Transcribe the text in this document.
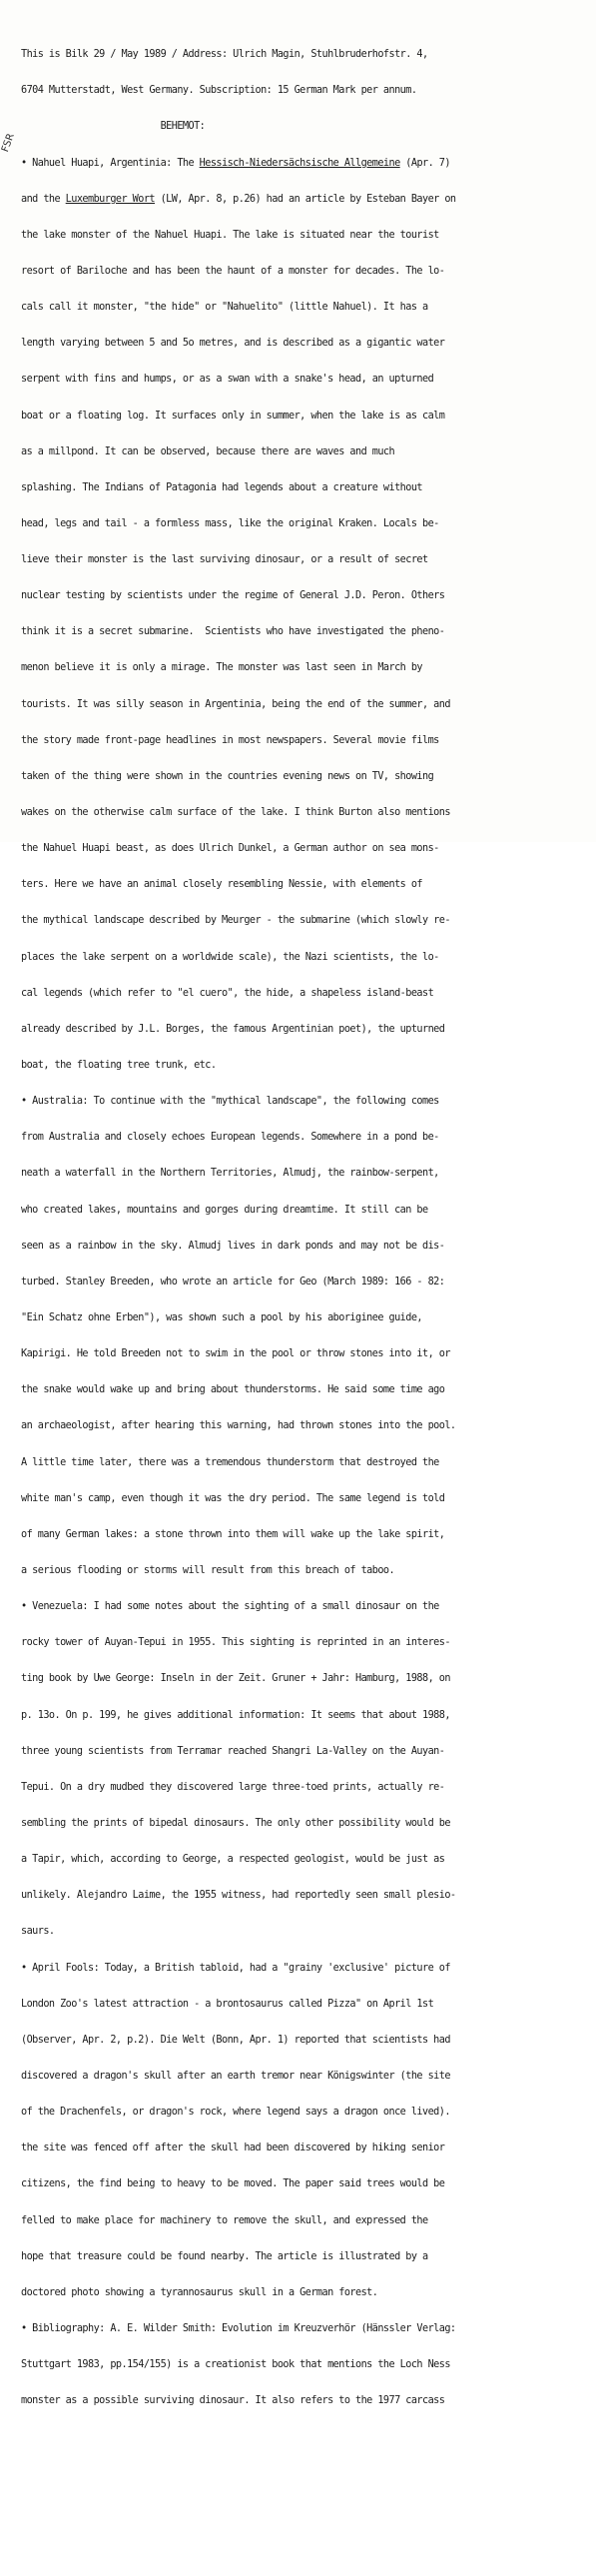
FSR

This is Bilk 29 / May 1989 / Address: Ulrich Magin, Stuhlbruderhofstr. 4,

6704 Mutterstadt, West Germany. Subscription: 15 German Mark per annum.

BEHEMOT:

• Nahuel Huapi, Argentinia: The Hessisch-Niedersächsische Allgemeine (Apr. 7)

and the Luxemburger Wort (LW, Apr. 8, p.26) had an article by Esteban Bayer on

the lake monster of the Nahuel Huapi. The lake is situated near the tourist

resort of Bariloche and has been the haunt of a monster for decades. The lo-

cals call it monster, "the hide" or "Nahuelito" (little Nahuel). It has a

length varying between 5 and 5o metres, and is described as a gigantic water

serpent with fins and humps, or as a swan with a snake's head, an upturned

boat or a floating log. It surfaces only in summer, when the lake is as calm

as a millpond. It can be observed, because there are waves and much

splashing. The Indians of Patagonia had legends about a creature without

head, legs and tail - a formless mass, like the original Kraken. Locals be-

lieve their monster is the last surviving dinosaur, or a result of secret

nuclear testing by scientists under the regime of General J.D. Peron. Others

think it is a secret submarine.  Scientists who have investigated the pheno-

menon believe it is only a mirage. The monster was last seen in March by

tourists. It was silly season in Argentinia, being the end of the summer, and

the story made front-page headlines in most newspapers. Several movie films

taken of the thing were shown in the countries evening news on TV, showing

wakes on the otherwise calm surface of the lake. I think Burton also mentions

the Nahuel Huapi beast, as does Ulrich Dunkel, a German author on sea mons-

ters. Here we have an animal closely resembling Nessie, with elements of

the mythical landscape described by Meurger - the submarine (which slowly re-

places the lake serpent on a worldwide scale), the Nazi scientists, the lo-

cal legends (which refer to "el cuero", the hide, a shapeless island-beast

already described by J.L. Borges, the famous Argentinian poet), the upturned

boat, the floating tree trunk, etc.

• Australia: To continue with the "mythical landscape", the following comes

from Australia and closely echoes European legends. Somewhere in a pond be-

neath a waterfall in the Northern Territories, Almudj, the rainbow-serpent,

who created lakes, mountains and gorges during dreamtime. It still can be

seen as a rainbow in the sky. Almudj lives in dark ponds and may not be dis-

turbed. Stanley Breeden, who wrote an article for Geo (March 1989: 166 - 82:

"Ein Schatz ohne Erben"), was shown such a pool by his aboriginee guide,

Kapirigi. He told Breeden not to swim in the pool or throw stones into it, or

the snake would wake up and bring about thunderstorms. He said some time ago

an archaeologist, after hearing this warning, had thrown stones into the pool.

A little time later, there was a tremendous thunderstorm that destroyed the

white man's camp, even though it was the dry period. The same legend is told

of many German lakes: a stone thrown into them will wake up the lake spirit,

a serious flooding or storms will result from this breach of taboo.

• Venezuela: I had some notes about the sighting of a small dinosaur on the

rocky tower of Auyan-Tepui in 1955. This sighting is reprinted in an interes-

ting book by Uwe George: Inseln in der Zeit. Gruner + Jahr: Hamburg, 1988, on

p. 13o. On p. 199, he gives additional information: It seems that about 1988,

three young scientists from Terramar reached Shangri La-Valley on the Auyan-

Tepui. On a dry mudbed they discovered large three-toed prints, actually re-

sembling the prints of bipedal dinosaurs. The only other possibility would be

a Tapir, which, according to George, a respected geologist, would be just as

unlikely. Alejandro Laime, the 1955 witness, had reportedly seen small plesio-

saurs.

• April Fools: Today, a British tabloid, had a "grainy 'exclusive' picture of

London Zoo's latest attraction - a brontosaurus called Pizza" on April 1st

(Observer, Apr. 2, p.2). Die Welt (Bonn, Apr. 1) reported that scientists had

discovered a dragon's skull after an earth tremor near Königswinter (the site

of the Drachenfels, or dragon's rock, where legend says a dragon once lived).

the site was fenced off after the skull had been discovered by hiking senior

citizens, the find being to heavy to be moved. The paper said trees would be

felled to make place for machinery to remove the skull, and expressed the

hope that treasure could be found nearby. The article is illustrated by a

doctored photo showing a tyrannosaurus skull in a German forest.

• Bibliography: A. E. Wilder Smith: Evolution im Kreuzverhör (Hänssler Verlag:

Stuttgart 1983, pp.154/155) is a creationist book that mentions the Loch Ness

monster as a possible surviving dinosaur. It also refers to the 1977 carcass
